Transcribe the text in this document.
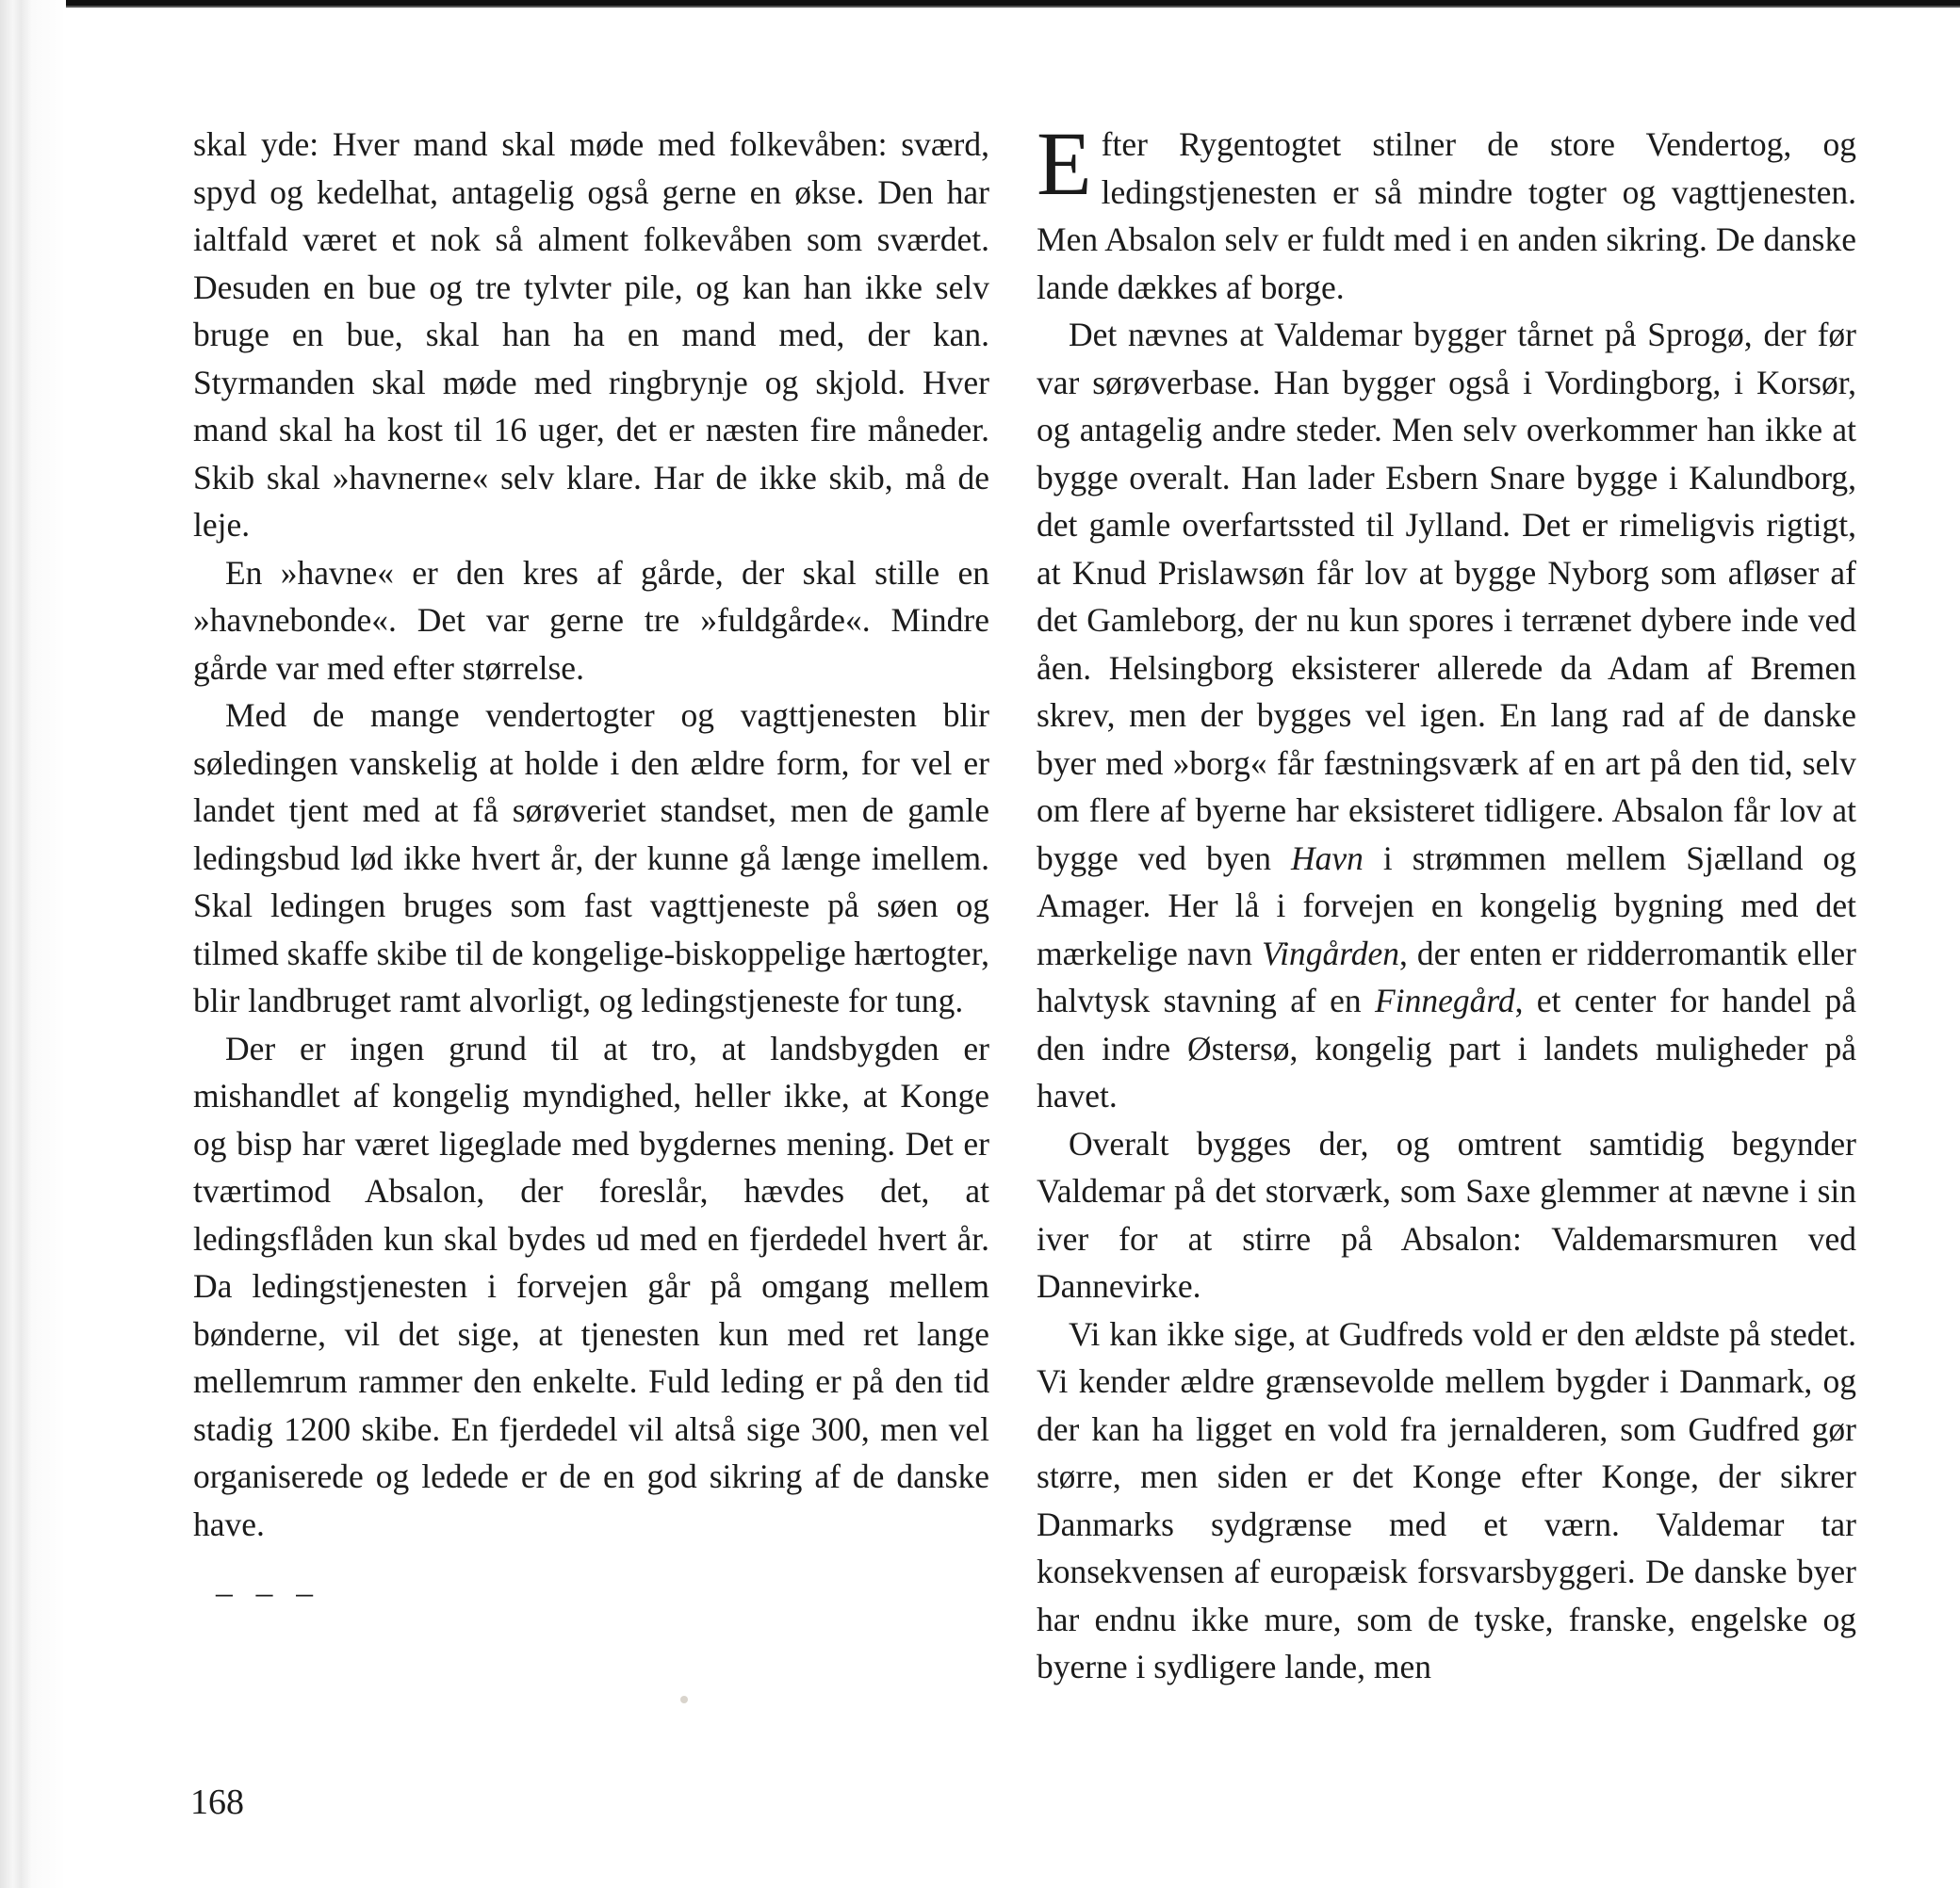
skal yde: Hver mand skal møde med folkevåben: sværd, spyd og kedelhat, antagelig også gerne en økse. Den har ialtfald været et nok så alment folkevåben som sværdet. Desuden en bue og tre tylvter pile, og kan han ikke selv bruge en bue, skal han ha en mand med, der kan. Styrmanden skal møde med ringbrynje og skjold. Hver mand skal ha kost til 16 uger, det er næsten fire måneder. Skib skal »havnerne« selv klare. Har de ikke skib, må de leje.

En »havne« er den kres af gårde, der skal stille en »havnebonde«. Det var gerne tre »fuldgårde«. Mindre gårde var med efter størrelse.

Med de mange vendertogter og vagttjenesten blir søledingen vanskelig at holde i den ældre form, for vel er landet tjent med at få sørøveriet standset, men de gamle ledingsbud lød ikke hvert år, der kunne gå længe imellem. Skal ledingen bruges som fast vagttjeneste på søen og tilmed skaffe skibe til de kongelige-biskoppelige hærtogter, blir landbruget ramt alvorligt, og ledingstjeneste for tung.

Der er ingen grund til at tro, at landsbygden er mishandlet af kongelig myndighed, heller ikke, at Konge og bisp har været ligeglade med bygdernes mening. Det er tværtimod Absalon, der foreslår, hævdes det, at ledingsflåden kun skal bydes ud med en fjerdedel hvert år. Da ledingstjenesten i forvejen går på omgang mellem bønderne, vil det sige, at tjenesten kun med ret lange mellemrum rammer den enkelte. Fuld leding er på den tid stadig 1200 skibe. En fjerdedel vil altså sige 300, men vel organiserede og ledede er de en god sikring af de danske have.

– – –

Efter Rygentogtet stilner de store Vendertog, og ledingstjenesten er så mindre togter og vagttjenesten. Men Absalon selv er fuldt med i en anden sikring. De danske lande dækkes af borge.

Det nævnes at Valdemar bygger tårnet på Sprogø, der før var sørøverbase. Han bygger også i Vordingborg, i Korsør, og antagelig andre steder. Men selv overkommer han ikke at bygge overalt. Han lader Esbern Snare bygge i Kalundborg, det gamle overfartssted til Jylland. Det er rimeligvis rigtigt, at Knud Prislawsøn får lov at bygge Nyborg som afløser af det Gamleborg, der nu kun spores i terrænet dybere inde ved åen. Helsingborg eksisterer allerede da Adam af Bremen skrev, men der bygges vel igen. En lang rad af de danske byer med »borg« får fæstningsværk af en art på den tid, selv om flere af byerne har eksisteret tidligere. Absalon får lov at bygge ved byen Havn i strømmen mellem Sjælland og Amager. Her lå i forvejen en kongelig bygning med det mærkelige navn Vingården, der enten er ridderromantik eller halvtysk stavning af en Finnegård, et center for handel på den indre Østersø, kongelig part i landets muligheder på havet.

Overalt bygges der, og omtrent samtidig begynder Valdemar på det storværk, som Saxe glemmer at nævne i sin iver for at stirre på Absalon: Valdemarsmuren ved Dannevirke.

Vi kan ikke sige, at Gudfreds vold er den ældste på stedet. Vi kender ældre grænsevolde mellem bygder i Danmark, og der kan ha ligget en vold fra jernalderen, som Gudfred gør større, men siden er det Konge efter Konge, der sikrer Danmarks sydgrænse med et værn. Valdemar tar konsekvensen af europæisk forsvarsbyggeri. De danske byer har endnu ikke mure, som de tyske, franske, engelske og byerne i sydligere lande, men

168
